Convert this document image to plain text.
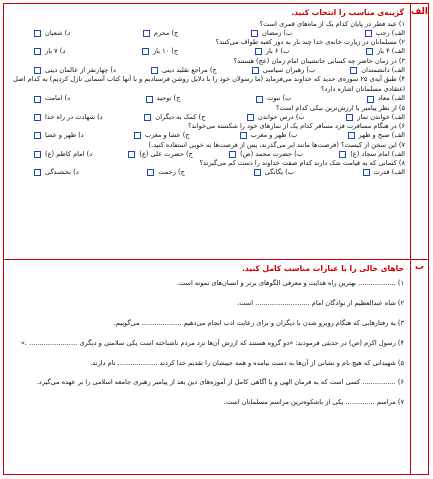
الف
ب
گزینه‌ی مناسب را انتخاب کنید.
۱) عید فطر در پایان کدام یک از ماه‌های قمری است؟
الف) رجب
ب) رمضان
ج) محرم
د) شعبان
۲) مسلمانان در زیارت خانه‌ی خدا چند بار به دور کعبه طواف می‌کنند؟
الف) ۴ بار
ب) ۶ بار
ج) ۱۰ بار
د) ۷ بار
۳) در زمان حاضر چه کسانی جانشینان امام زمان (عج) هستند؟
الف) دانشمندان
ب) رهبران سیاسی
ج) مراجع تقلید دینی
د) چهارنفر از عالمان دینی
۴) طبق آیه‌ی ۲۵ سوره‌ی حدید که خداوند می‌فرماید (ما رسولان خود را با دلایل روشن فرستادیم و با آنها کتاب آسمانی نازل کردیم) به کدام اصل اعتقادی مسلمانان اشاره دارد؟
الف) معاد
ب) نبوت
ج) توحید
د) امامت
۵) از نظر پیامبر با ارزش‌ترین نیکی کدام است؟
الف) خواندن نماز
ب) درس خواندن
ج) کمک به دیگران
د) شهادت در راه خدا
۶) در هنگام مسافرت فرد مسافر کدام یک از نمازهای خود را شکسته می‌خواند؟
الف) صبح و ظهر
ب) ظهر و مغرب
ج) عشا و مغرب
د) ظهر و عشا
۷) این سخن از کیست؟ (فرصت‌ها مانند ابر می‌گذرند، پس از فرصت‌ها به خوبی استفاده کنید.)
الف) امام سجاد (ع)
ب) حضرت محمد (ص)
ج) حضرت علی (ع)
د) امام کاظم (ع)
۸) کسانی که به قیامت شک دارند کدام صفت خداوند را دست کم می‌گیرند؟
الف) قدرت
ب) یگانگی
ج) رحمت
د) بخشندگی
جاهای خالی را با عبارات مناسب کامل کنید.
۱) .................. بهترین راه هدایت و معرفی الگوهای برتر و انسان‌های نمونه است.
۲) شاه عبدالعظیم از نوادگان امام .......................... است.
۳) به رفتارهایی که هنگام روبرو شدن با دیگران و برای رعایت ادب انجام می‌دهیم ................... می‌گوییم.
۴) رسول اکرم (ص) در حدیثی فرمودند: «دو گروه هستند که ارزش آن‌ها نزد مردم ناشناخته است یکی سلامتی و دیگری ....................... .»
۵) شهیدانی که هیچ نام و نشانی از آن‌ها به دست نیامده و همه جیبشان را تقدیم خدا کردند ................... نام دارند.
۶) ................ کسی است که به فرمان الهی و با آگاهی کامل از آموزه‌های دین بعد از پیامبر رهبری جامعه اسلامی را بر عهده می‌گیرد.
۷) مراسم .............. یکی از باشکوه‌ترین مراسم مسلمانان است.
